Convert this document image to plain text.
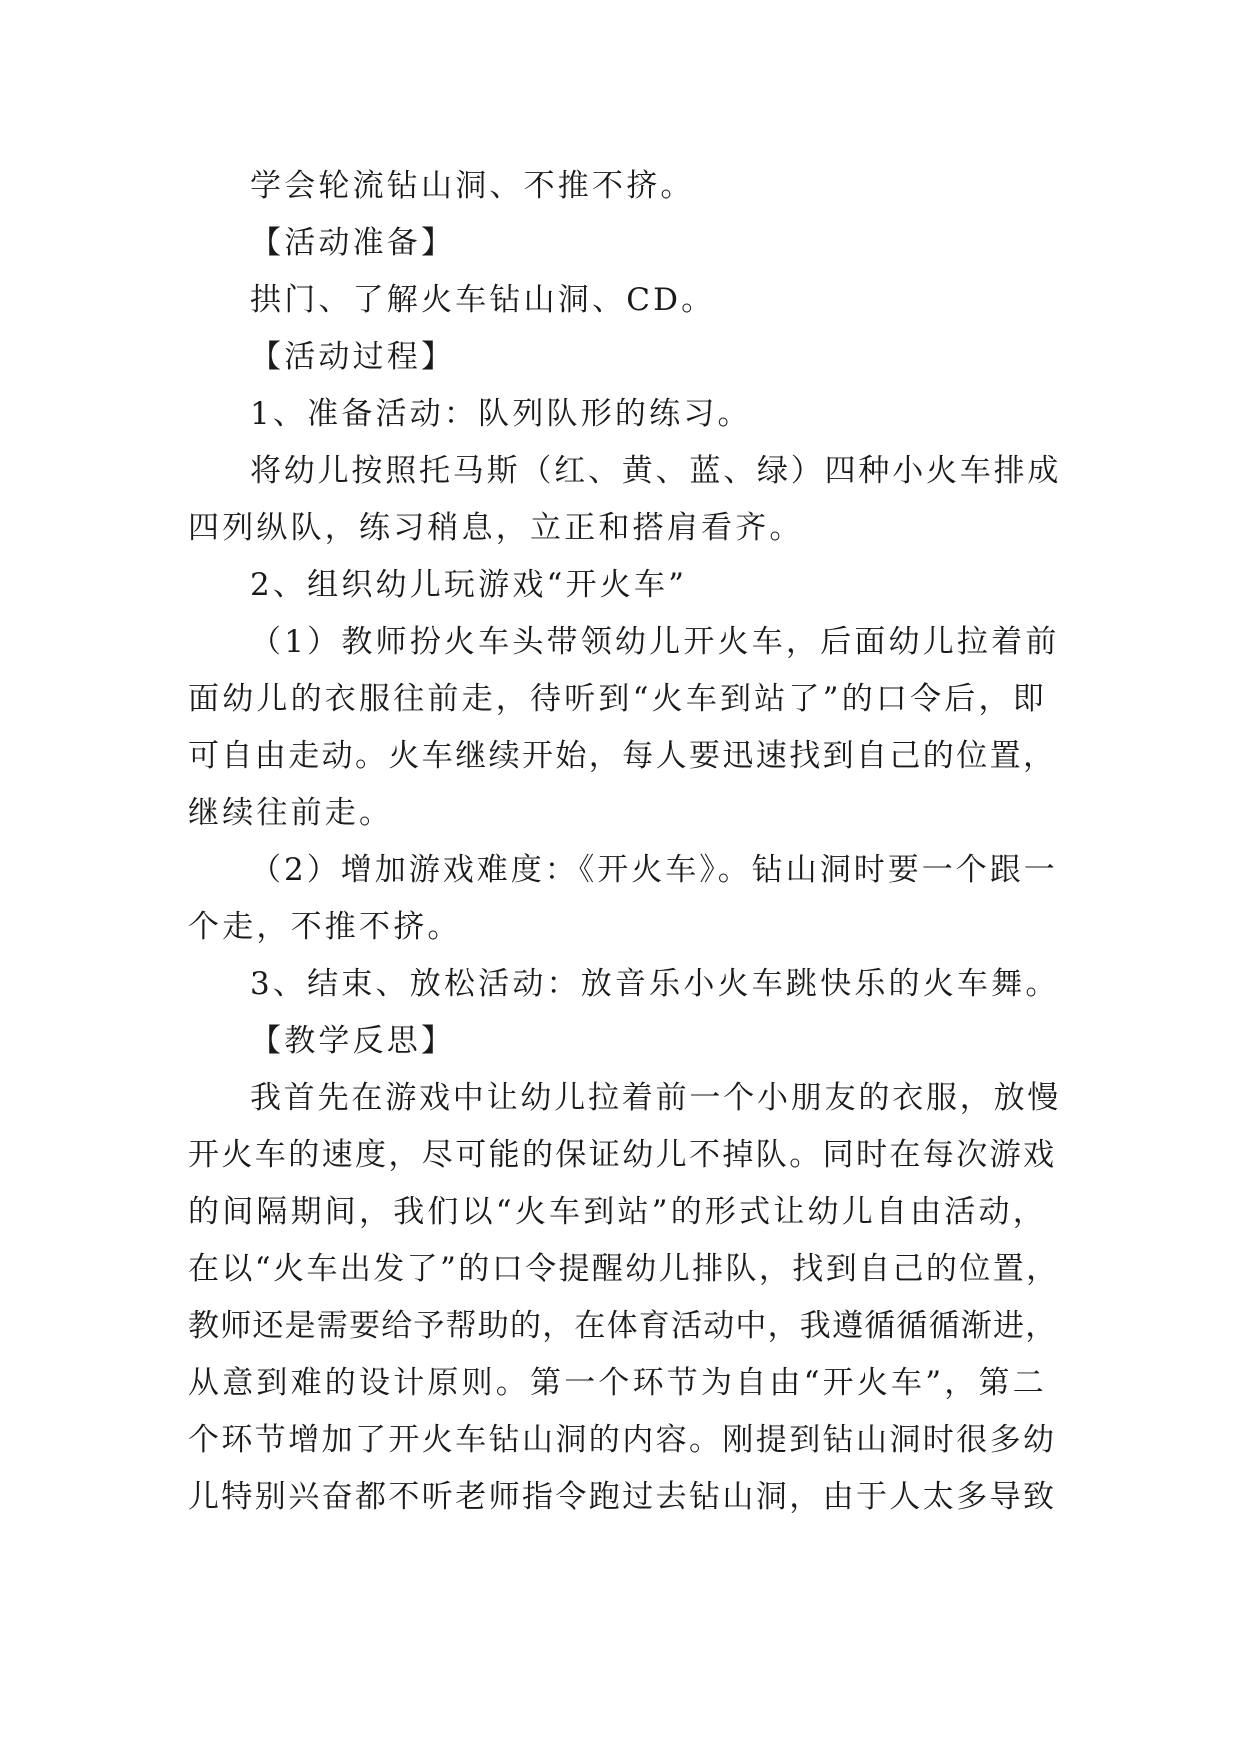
学会轮流钻山洞、不推不挤。
【活动准备】
拱门、了解火车钻山洞、CD。
【活动过程】
1、准备活动：队列队形的练习。
将幼儿按照托马斯（红、黄、蓝、绿）四种小火车排成
四列纵队，练习稍息，立正和搭肩看齐。
2、组织幼儿玩游戏“开火车”
（1）教师扮火车头带领幼儿开火车，后面幼儿拉着前
面幼儿的衣服往前走，待听到“火车到站了”的口令后，即
可自由走动。火车继续开始，每人要迅速找到自己的位置，
继续往前走。
（2）增加游戏难度：《开火车》。钻山洞时要一个跟一
个走，不推不挤。
3、结束、放松活动：放音乐小火车跳快乐的火车舞。
【教学反思】
我首先在游戏中让幼儿拉着前一个小朋友的衣服，放慢
开火车的速度，尽可能的保证幼儿不掉队。同时在每次游戏
的间隔期间，我们以“火车到站”的形式让幼儿自由活动，
在以“火车出发了”的口令提醒幼儿排队，找到自己的位置，
教师还是需要给予帮助的，在体育活动中，我遵循循循渐进，
从意到难的设计原则。第一个环节为自由“开火车”，第二
个环节增加了开火车钻山洞的内容。刚提到钻山洞时很多幼
儿特别兴奋都不听老师指令跑过去钻山洞，由于人太多导致
